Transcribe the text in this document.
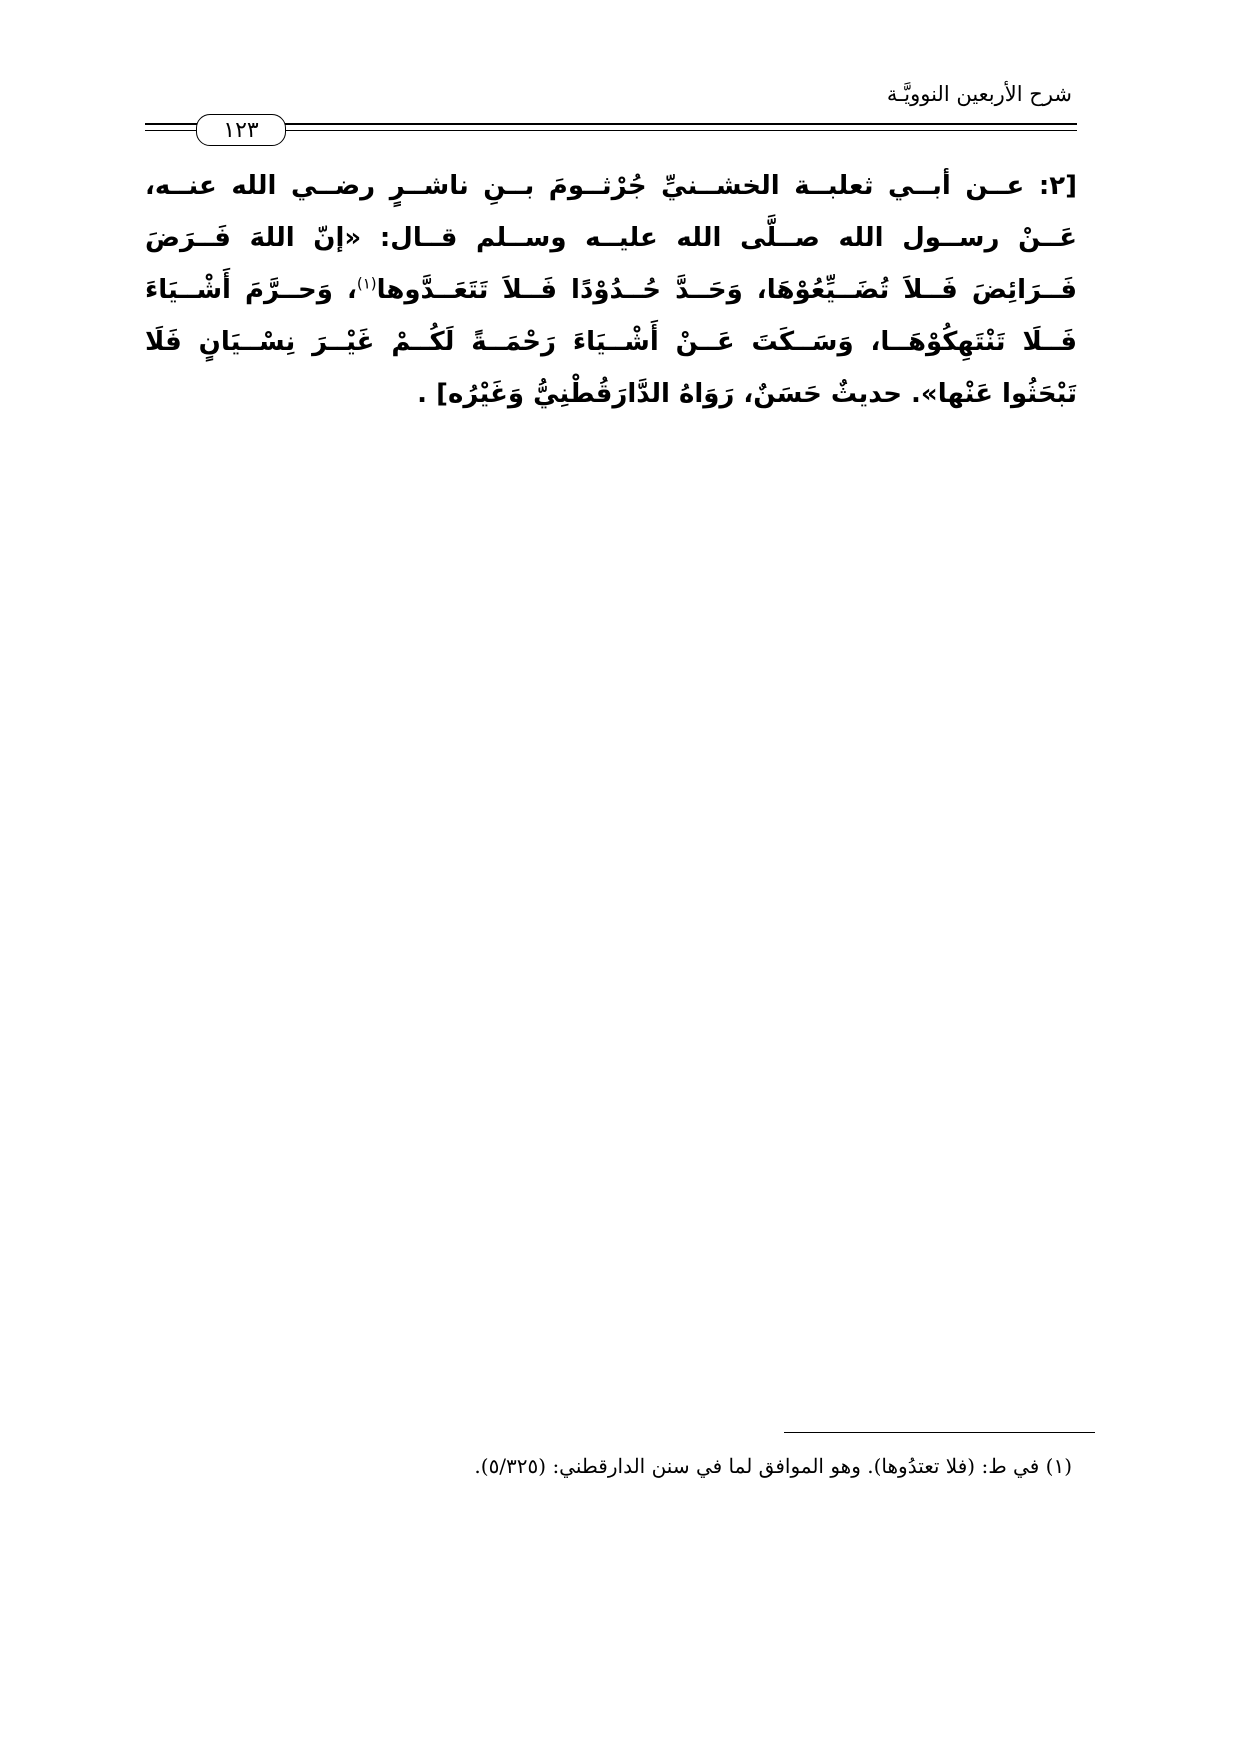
شرح الأربعين النوويَّـة
١٢٣
[٢: عــن أبــي ثعلبــة الخشــنيِّ جُرْثــومَ بــنِ ناشــرٍ رضــي الله عنــه، عَــنْ رســول الله صــلَّى الله عليــه وســلم قــال: «إنّ اللهَ فَــرَضَ فَــرَائِضَ فَــلاَ تُضَــيِّعُوْهَا، وَحَــدَّ حُــدُوْدًا فَــلاَ تَتَعَــدَّوها$^{(١)}$، وَحــرَّمَ أَشْــيَاءَ فَــلَا تَنْتَهِكُوْهَــا، وَسَــكَتَ عَــنْ أَشْــيَاءَ رَحْمَــةً لَكُــمْ غَيْــرَ نِسْــيَانٍ فَلَا تَبْحَثُوا عَنْها». حديثٌ حَسَنٌ، رَوَاهُ الدَّارَقُطْنِيُّ وَغَيْرُه] .
(١) في ط: (فلا تعتدُوها). وهو الموافق لما في سنن الدارقطني: (٥/٣٢٥).
